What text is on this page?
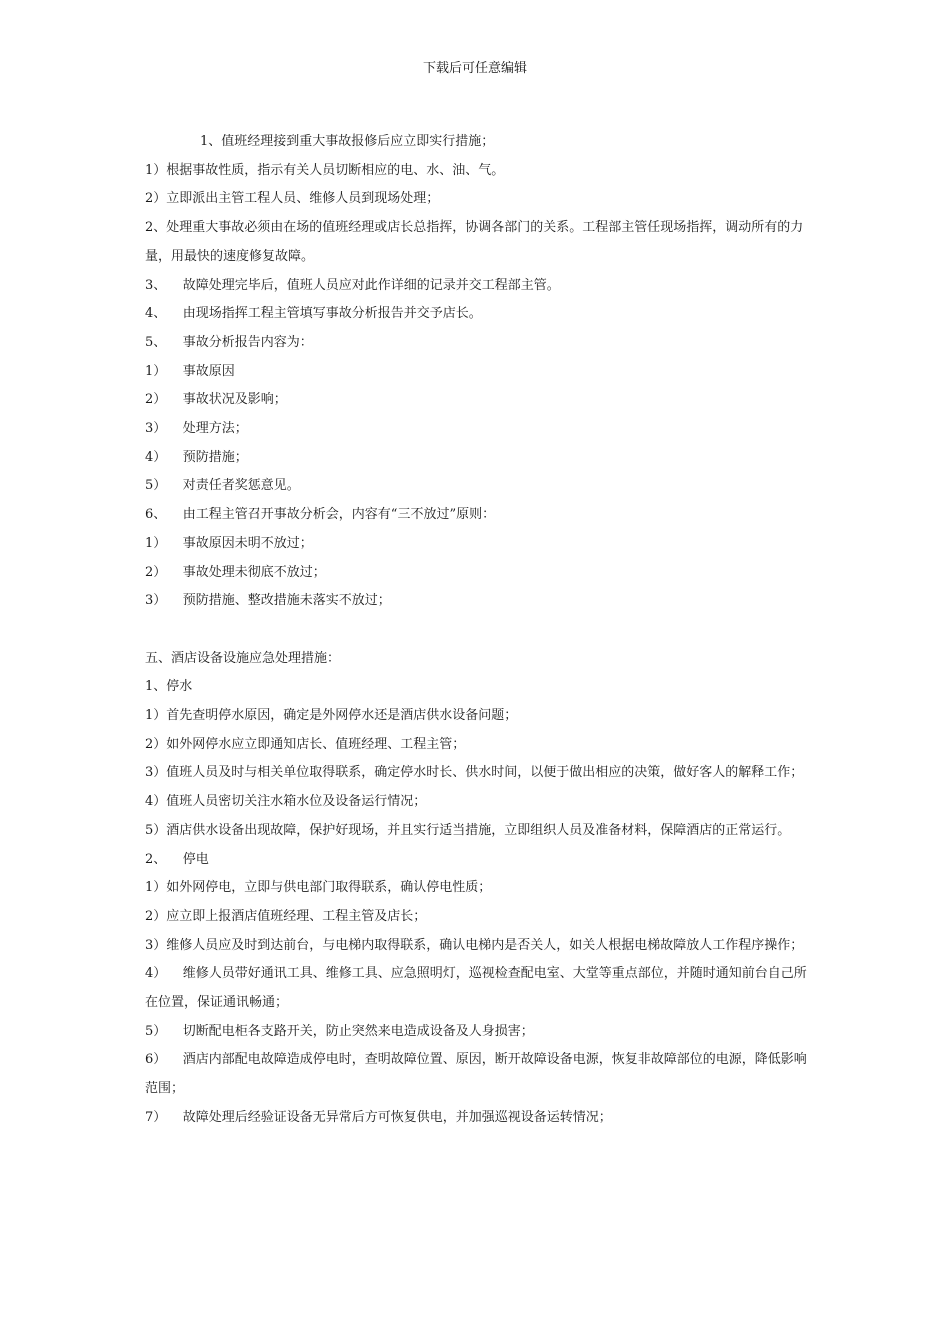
下载后可任意编辑

1、值班经理接到重大事故报修后应立即实行措施；

1）根据事故性质，指示有关人员切断相应的电、水、油、气。

2）立即派出主管工程人员、维修人员到现场处理；

2、处理重大事故必须由在场的值班经理或店长总指挥，协调各部门的关系。工程部主管任现场指挥，调动所有的力量，用最快的速度修复故障。

3、    故障处理完毕后，值班人员应对此作详细的记录并交工程部主管。

4、    由现场指挥工程主管填写事故分析报告并交予店长。

5、    事故分析报告内容为：

1）    事故原因

2）    事故状况及影响；

3）    处理方法；

4）    预防措施；

5）    对责任者奖惩意见。

6、    由工程主管召开事故分析会，内容有“三不放过”原则：

1）    事故原因未明不放过；

2）    事故处理未彻底不放过；

3）    预防措施、整改措施未落实不放过；

五、酒店设备设施应急处理措施：

1、停水

1）首先查明停水原因，确定是外网停水还是酒店供水设备问题；

2）如外网停水应立即通知店长、值班经理、工程主管；

3）值班人员及时与相关单位取得联系，确定停水时长、供水时间，以便于做出相应的决策，做好客人的解释工作；

4）值班人员密切关注水箱水位及设备运行情况；

5）酒店供水设备出现故障，保护好现场，并且实行适当措施，立即组织人员及准备材料，保障酒店的正常运行。

2、    停电

1）如外网停电，立即与供电部门取得联系，确认停电性质；

2）应立即上报酒店值班经理、工程主管及店长；

3）维修人员应及时到达前台，与电梯内取得联系，确认电梯内是否关人，如关人根据电梯故障放人工作程序操作；

4）    维修人员带好通讯工具、维修工具、应急照明灯，巡视检查配电室、大堂等重点部位，并随时通知前台自己所在位置，保证通讯畅通；

5）    切断配电柜各支路开关，防止突然来电造成设备及人身损害；

6）    酒店内部配电故障造成停电时，查明故障位置、原因，断开故障设备电源，恢复非故障部位的电源，降低影响范围；

7）    故障处理后经验证设备无异常后方可恢复供电，并加强巡视设备运转情况；
